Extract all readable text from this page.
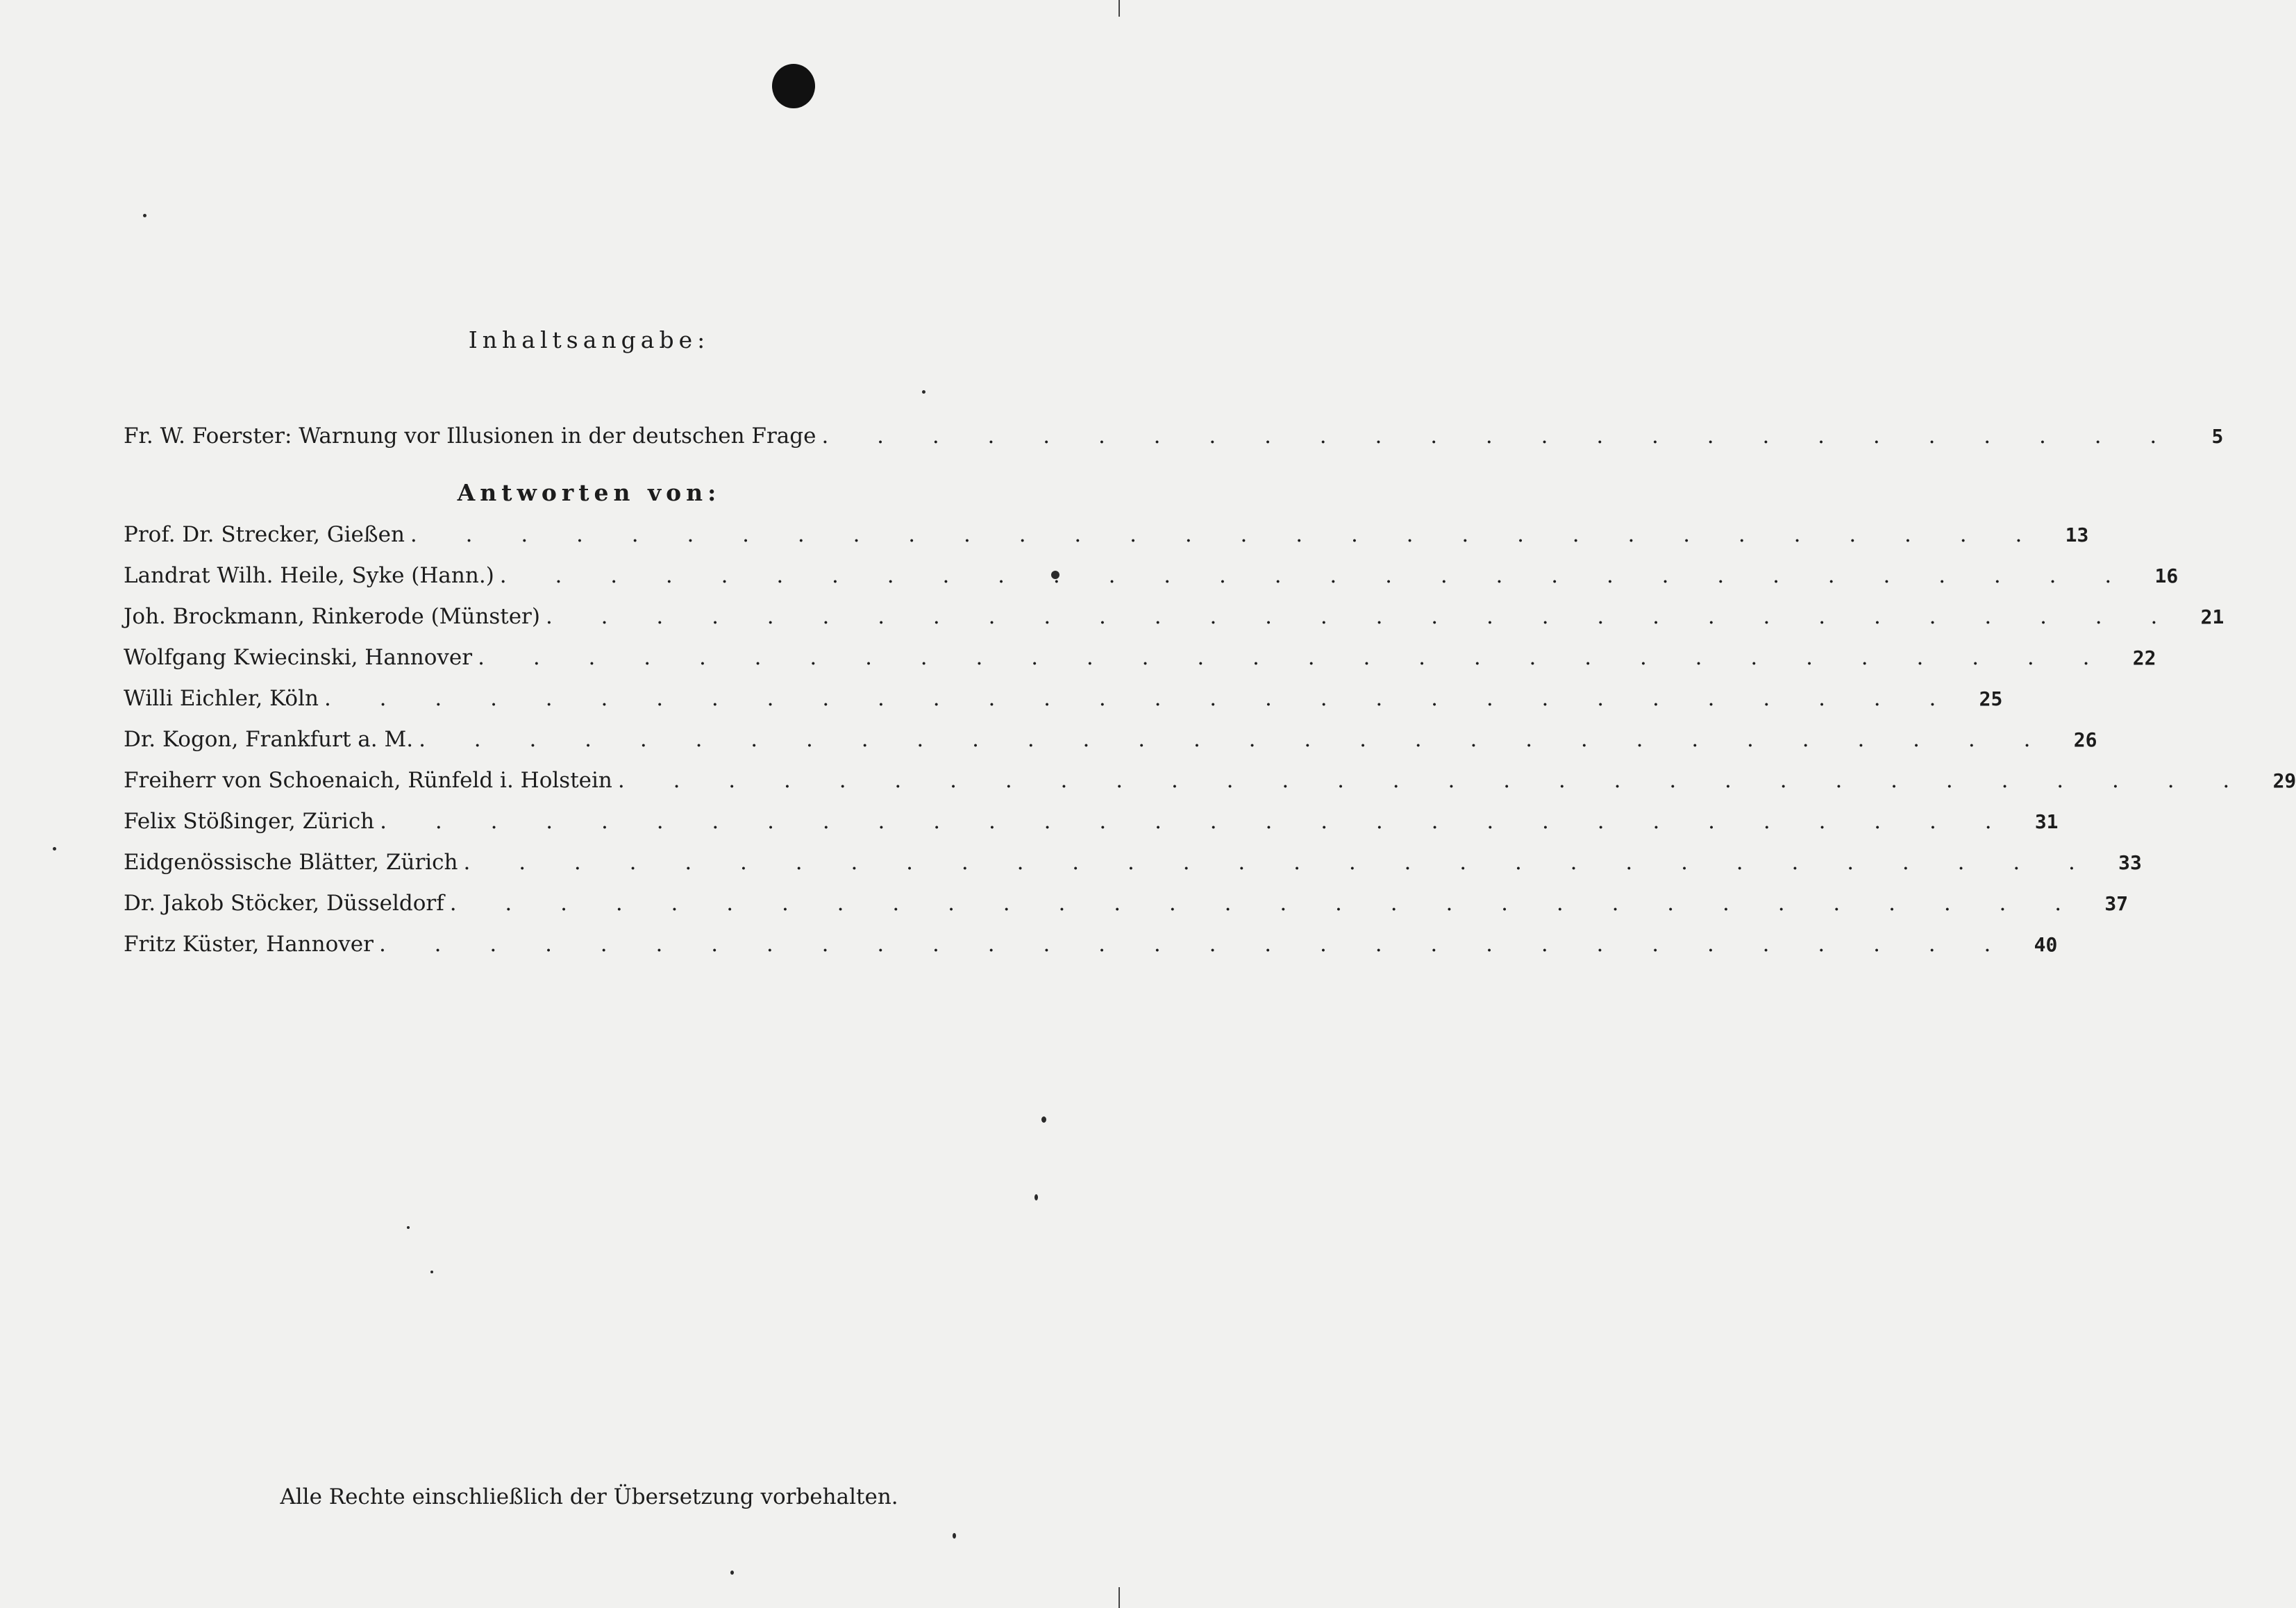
Inhaltsangabe:
Fr. W. Foerster: Warnung vor Illusionen in der deutschen Frage . . . . . . . . . . . . . . . . . . . . . . . . .	5
Antworten von:
Prof. Dr. Strecker, Gießen . . . . . . . . . . . . . . . . . . . . . . . . . . . . . .	13
Landrat Wilh. Heile, Syke (Hann.) . . . . . . . . . . . . . . . . . . . . . . . . . . . . . .	16
Joh. Brockmann, Rinkerode (Münster) . . . . . . . . . . . . . . . . . . . . . . . . . . . . . .	21
Wolfgang Kwiecinski, Hannover . . . . . . . . . . . . . . . . . . . . . . . . . . . . . .	22
Willi Eichler, Köln . . . . . . . . . . . . . . . . . . . . . . . . . . . . . .	25
Dr. Kogon, Frankfurt a. M. . . . . . . . . . . . . . . . . . . . . . . . . . . . . . .	26
Freiherr von Schoenaich, Rünfeld i. Holstein . . . . . . . . . . . . . . . . . . . . . . . . . . . . . .	29
Felix Stößinger, Zürich . . . . . . . . . . . . . . . . . . . . . . . . . . . . . .	31
Eidgenössische Blätter, Zürich . . . . . . . . . . . . . . . . . . . . . . . . . . . . . .	33
Dr. Jakob Stöcker, Düsseldorf . . . . . . . . . . . . . . . . . . . . . . . . . . . . . .	37
Fritz Küster, Hannover . . . . . . . . . . . . . . . . . . . . . . . . . . . . . .	40

Alle Rechte einschließlich der Übersetzung vorbehalten.
